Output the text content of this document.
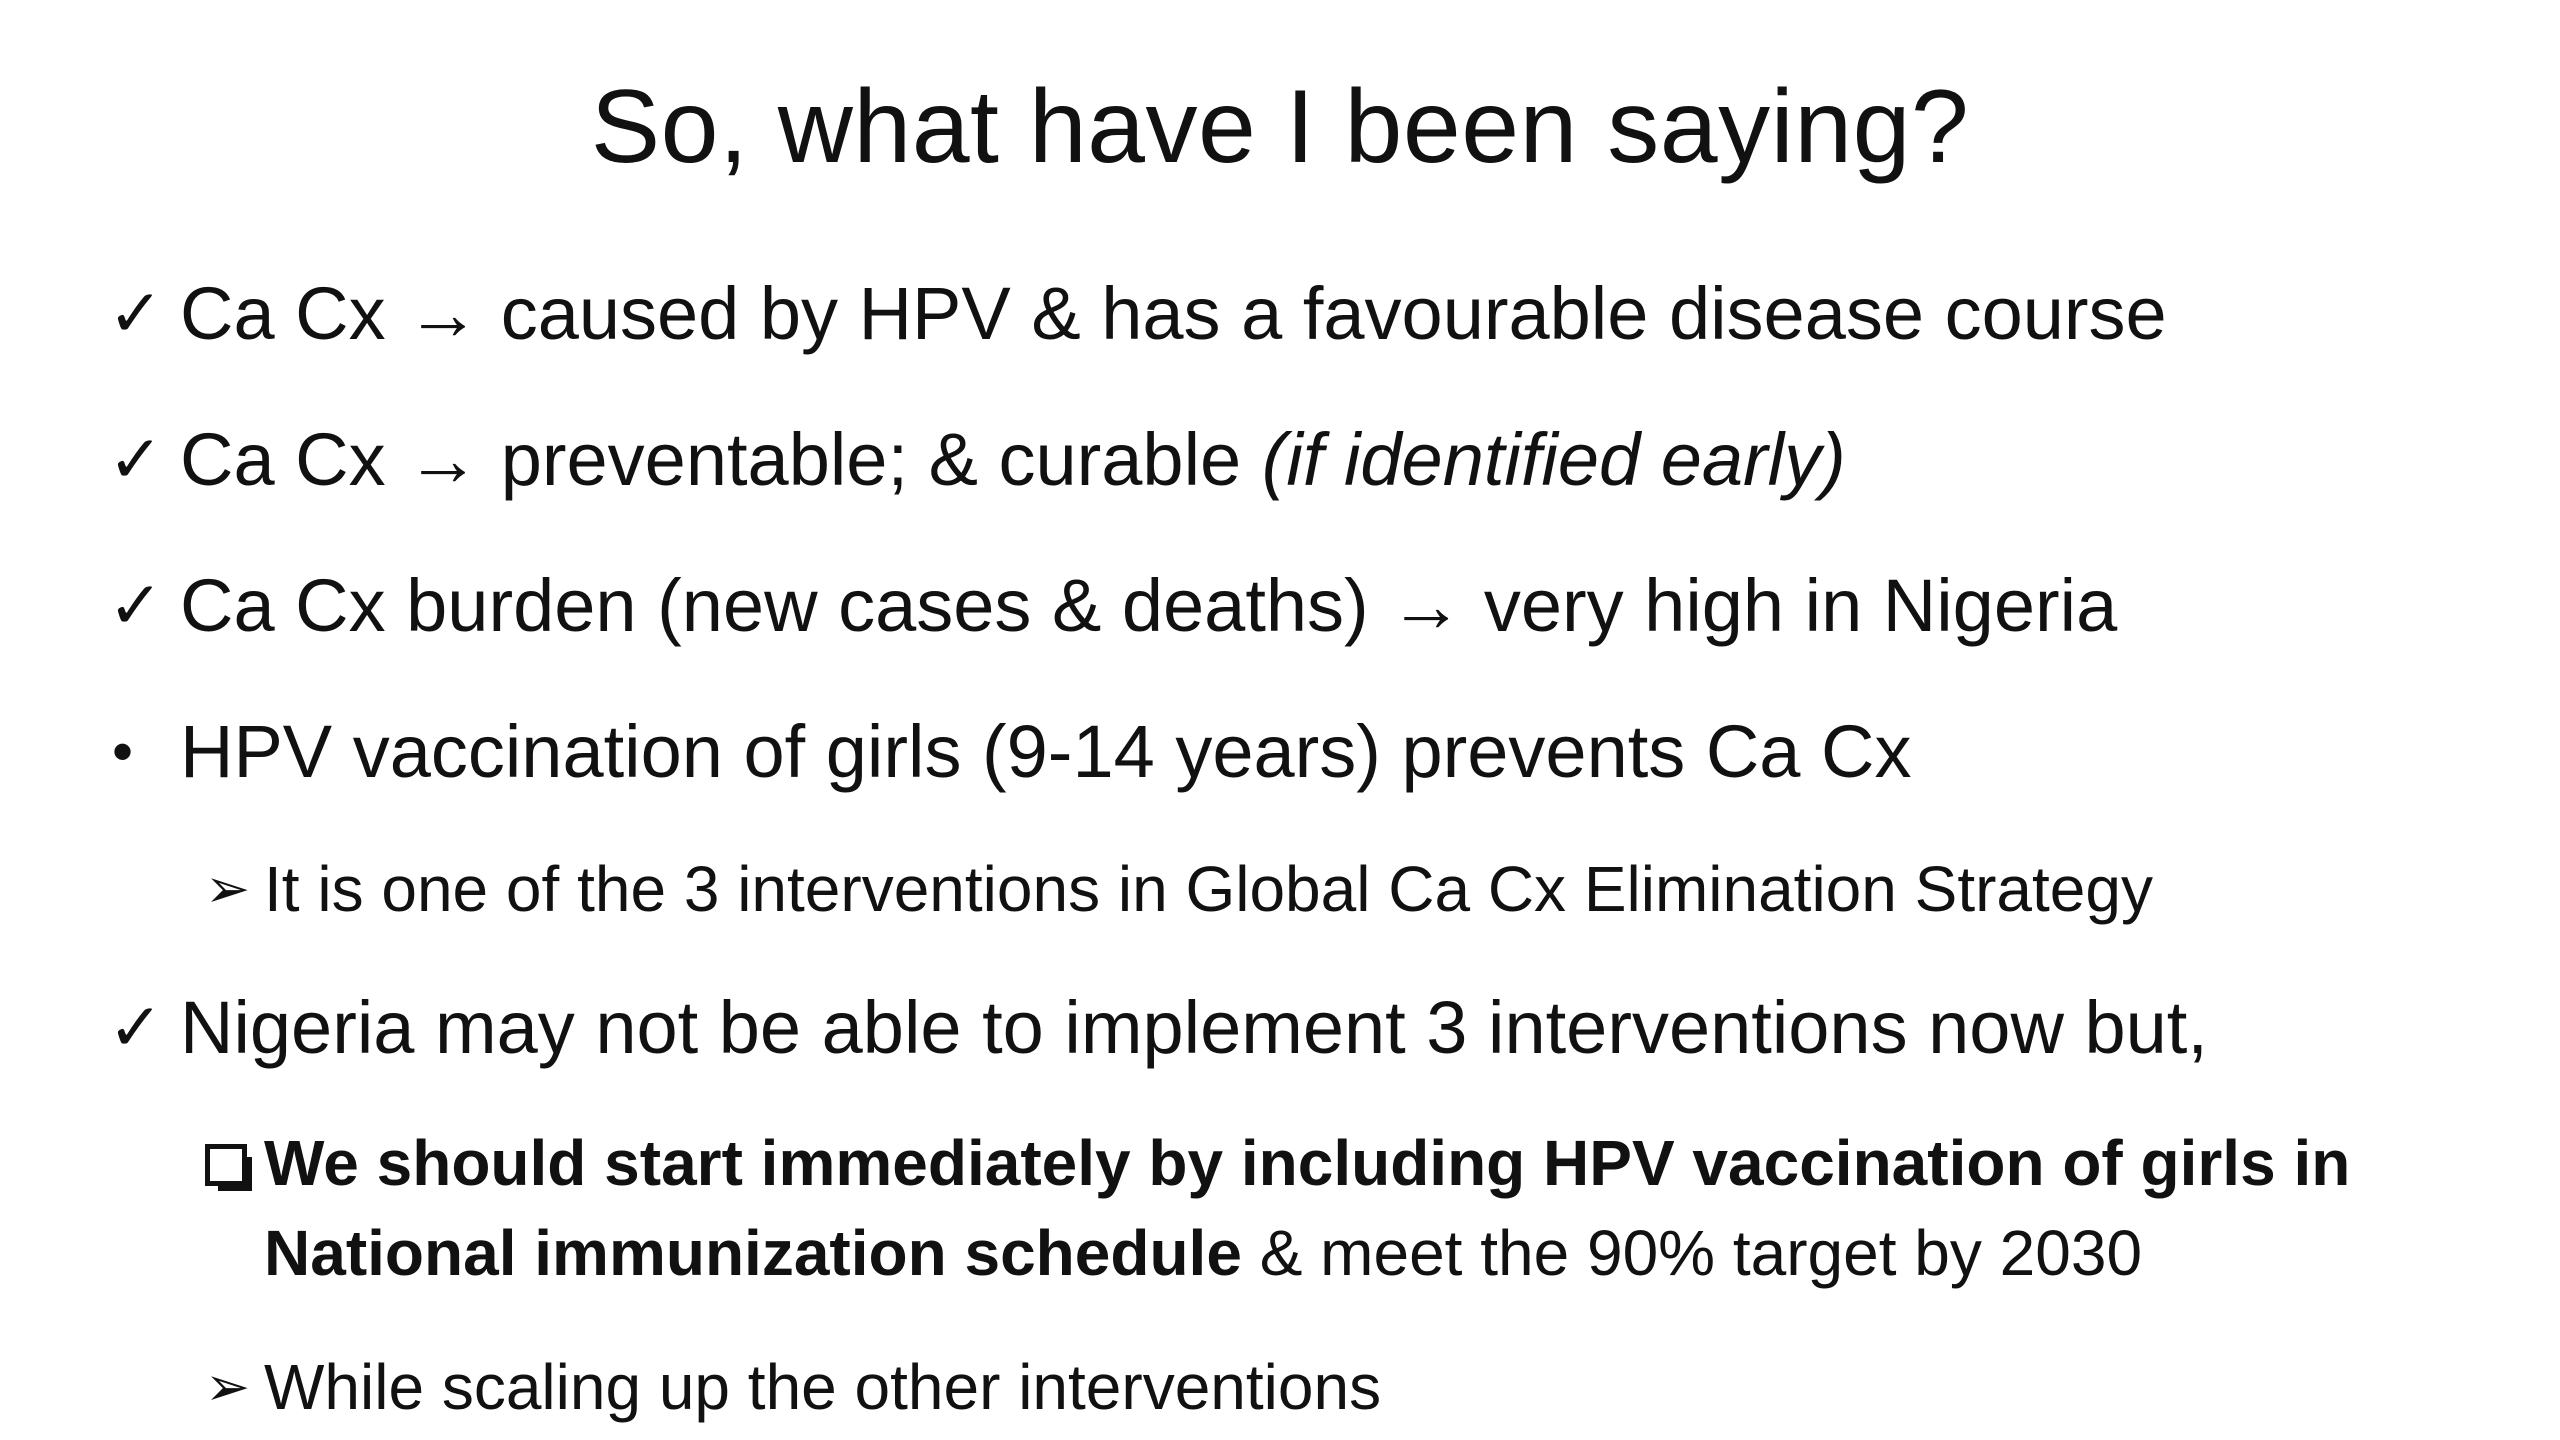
So, what have I been saying?
✓ Ca Cx → caused by HPV & has a favourable disease course
✓ Ca Cx → preventable; & curable (if identified early)
✓ Ca Cx burden (new cases & deaths) → very high in Nigeria
• HPV vaccination of girls (9-14 years) prevents Ca Cx
➢ It is one of the 3 interventions in Global Ca Cx Elimination Strategy
✓ Nigeria may not be able to implement 3 interventions now but,
We should start immediately by including HPV vaccination of girls in
National immunization schedule & meet the 90% target by 2030
➢ While scaling up the other interventions
